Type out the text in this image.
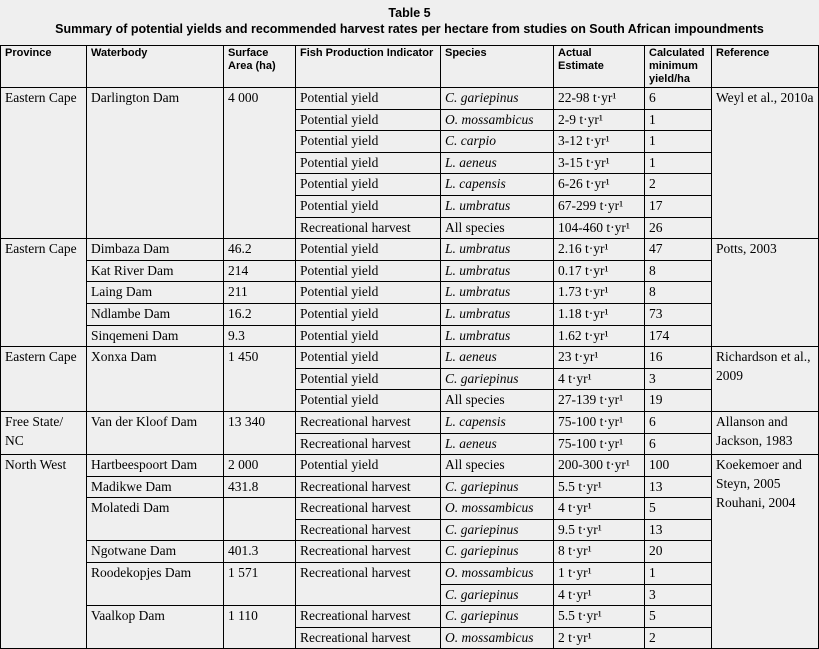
Table 5
Summary of potential yields and recommended harvest rates per hectare from studies on South African impoundments
Province	Waterbody	Surface Area (ha)	Fish Production Indicator	Species	Actual Estimate	Calculated minimum yield/ha	Reference
Eastern Cape	Darlington Dam	4 000	Potential yield	C. gariepinus	22-98 t·yr¹	6	Weyl et al., 2010a
			Potential yield	O. mossambicus	2-9 t·yr¹	1	
			Potential yield	C. carpio	3-12 t·yr¹	1	
			Potential yield	L. aeneus	3-15 t·yr¹	1	
			Potential yield	L. capensis	6-26 t·yr¹	2	
			Potential yield	L. umbratus	67-299 t·yr¹	17	
			Recreational harvest	All species	104-460 t·yr¹	26	
Eastern Cape	Dimbaza Dam	46.2	Potential yield	L. umbratus	2.16 t·yr¹	47	Potts, 2003
	Kat River Dam	214	Potential yield	L. umbratus	0.17 t·yr¹	8	
	Laing Dam	211	Potential yield	L. umbratus	1.73 t·yr¹	8	
	Ndlambe Dam	16.2	Potential yield	L. umbratus	1.18 t·yr¹	73	
	Sinqemeni Dam	9.3	Potential yield	L. umbratus	1.62 t·yr¹	174	
Eastern Cape	Xonxa Dam	1 450	Potential yield	L. aeneus	23 t·yr¹	16	Richardson et al., 2009
			Potential yield	C. gariepinus	4 t·yr¹	3	
			Potential yield	All species	27-139 t·yr¹	19	
Free State/ NC	Van der Kloof Dam	13 340	Recreational harvest	L. capensis	75-100 t·yr¹	6	Allanson and Jackson, 1983
			Recreational harvest	L. aeneus	75-100 t·yr¹	6	
North West	Hartbeespoort Dam	2 000	Potential yield	All species	200-300 t·yr¹	100	Koekemoer and Steyn, 2005 Rouhani, 2004
	Madikwe Dam	431.8	Recreational harvest	C. gariepinus	5.5 t·yr¹	13	
	Molatedi Dam		Recreational harvest	O. mossambicus	4 t·yr¹	5	
			Recreational harvest	C. gariepinus	9.5 t·yr¹	13	
	Ngotwane Dam	401.3	Recreational harvest	C. gariepinus	8 t·yr¹	20	
	Roodekopjes Dam	1 571	Recreational harvest	O. mossambicus	1 t·yr¹	1	
				C. gariepinus	4 t·yr¹	3	
	Vaalkop Dam	1 110	Recreational harvest	C. gariepinus	5.5 t·yr¹	5	
			Recreational harvest	O. mossambicus	2 t·yr¹	2	
